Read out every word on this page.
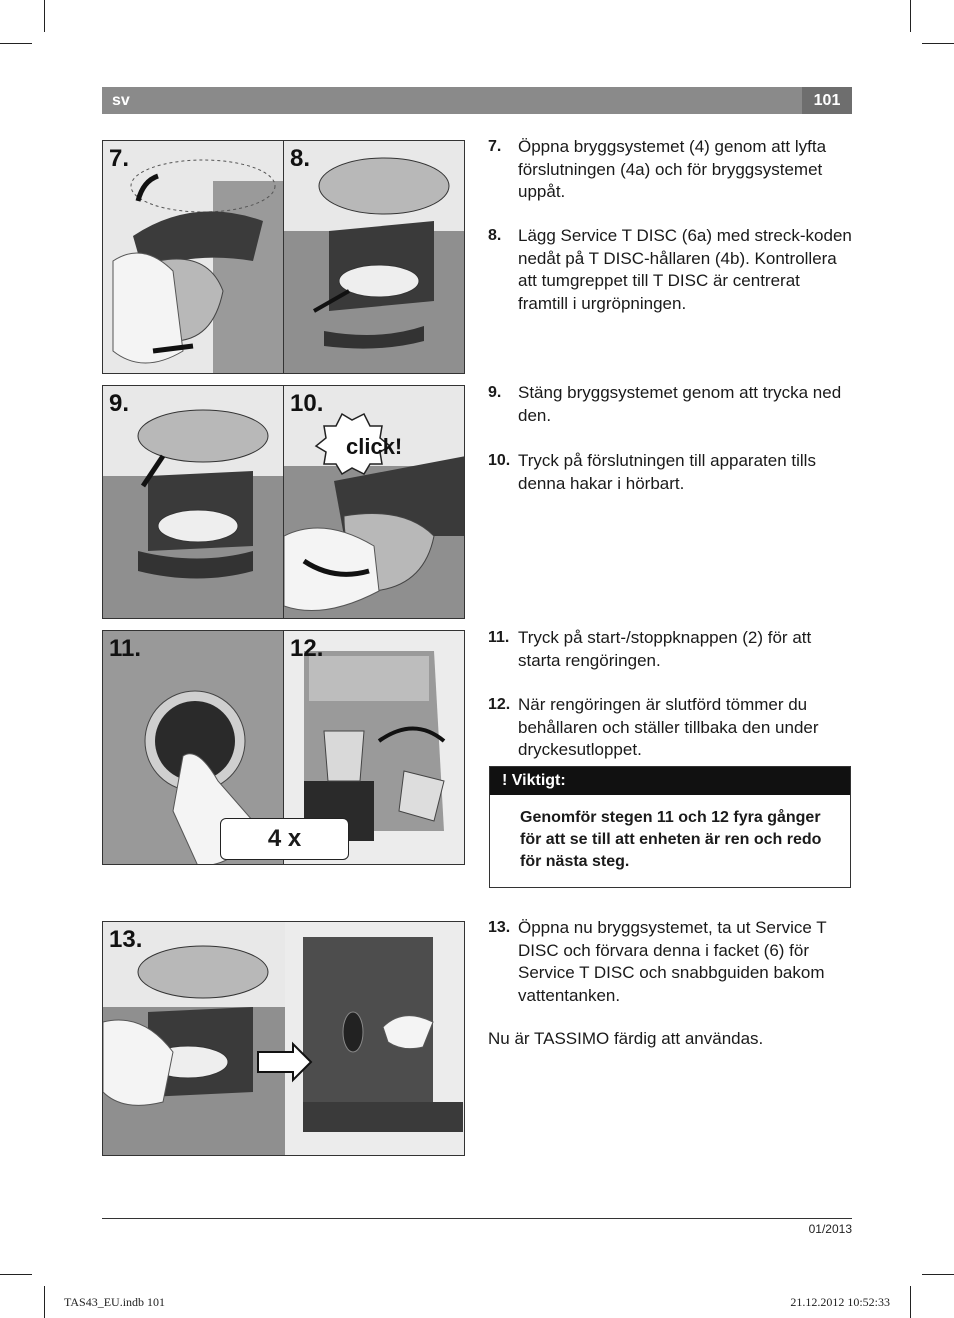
sv	101
7.	8.
9.	10.
click!
11.	12.
4 x
13.
7. Öppna bryggsystemet (4) genom att lyfta förslutningen (4a) och för bryggsystemet uppåt.
8. Lägg Service T DISC (6a) med streck-koden nedåt på T DISC-hållaren (4b). Kontrollera att tumgreppet till T DISC är centrerat framtill i urgröpningen.
9. Stäng bryggsystemet genom att trycka ned den.
10. Tryck på förslutningen till apparaten tills denna hakar i hörbart.
11. Tryck på start-/stoppknappen (2) för att starta rengöringen.
12. När rengöringen är slutförd tömmer du behållaren och ställer tillbaka den under dryckesutloppet.
! Viktigt:
Genomför stegen 11 och 12 fyra gånger för att se till att enheten är ren och redo för nästa steg.
13. Öppna nu bryggsystemet, ta ut Service T DISC och förvara denna i facket (6) för Service T DISC och snabbguiden bakom vattentanken.
Nu är TASSIMO färdig att användas.
01/2013
TAS43_EU.indb 101	21.12.2012 10:52:33
